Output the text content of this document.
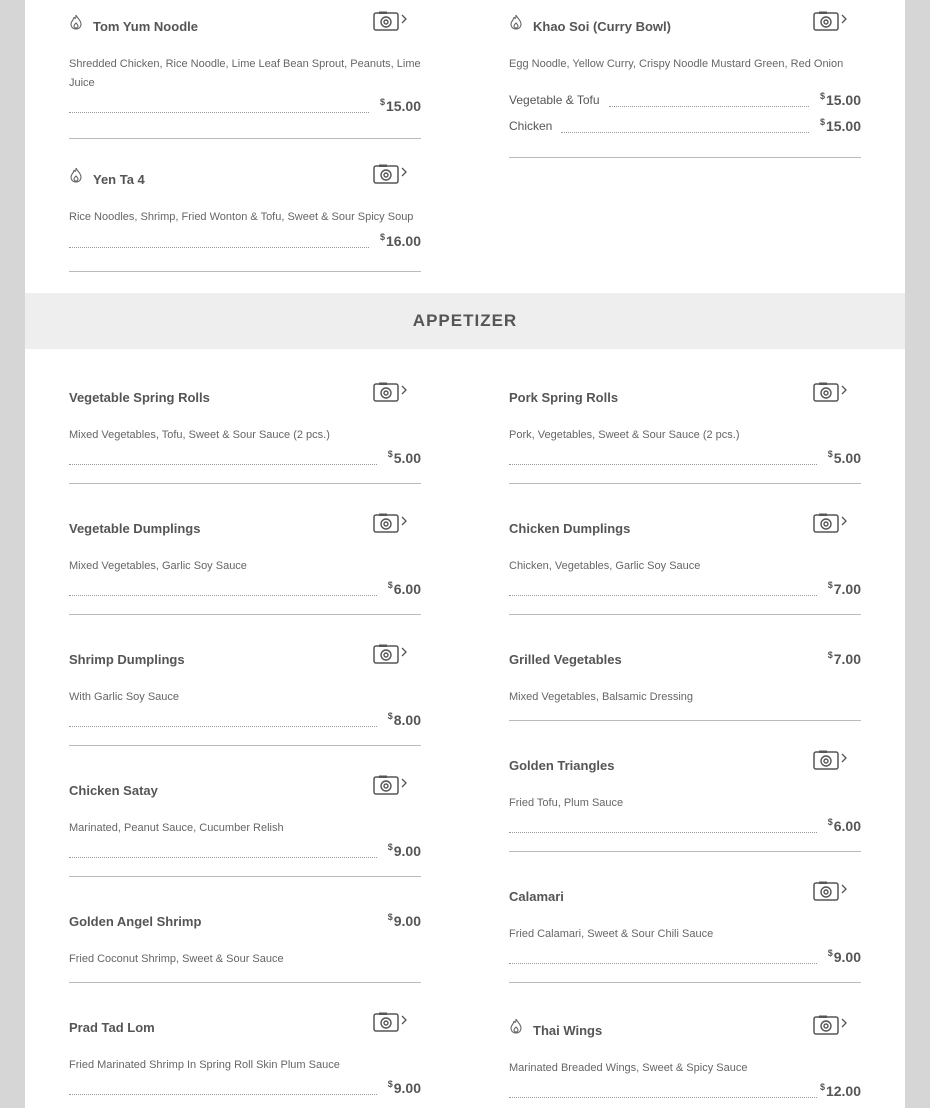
Tom Yum Noodle
Shredded Chicken, Rice Noodle, Lime Leaf Bean Sprout, Peanuts, Lime Juice
$15.00
Yen Ta 4
Rice Noodles, Shrimp, Fried Wonton & Tofu, Sweet & Sour Spicy Soup
$16.00
Khao Soi (Curry Bowl)
Egg Noodle, Yellow Curry, Crispy Noodle Mustard Green, Red Onion
Vegetable & Tofu	$15.00
Chicken	$15.00
APPETIZER
Vegetable Spring Rolls
Mixed Vegetables, Tofu, Sweet & Sour Sauce (2 pcs.)
$5.00
Vegetable Dumplings
Mixed Vegetables, Garlic Soy Sauce
$6.00
Shrimp Dumplings
With Garlic Soy Sauce
$8.00
Chicken Satay
Marinated, Peanut Sauce, Cucumber Relish
$9.00
Golden Angel Shrimp
Fried Coconut Shrimp, Sweet & Sour Sauce
$9.00
Prad Tad Lom
Fried Marinated Shrimp In Spring Roll Skin Plum Sauce
$9.00
Pork Spring Rolls
Pork, Vegetables, Sweet & Sour Sauce (2 pcs.)
$5.00
Chicken Dumplings
Chicken, Vegetables, Garlic Soy Sauce
$7.00
Grilled Vegetables
Mixed Vegetables, Balsamic Dressing
$7.00
Golden Triangles
Fried Tofu, Plum Sauce
$6.00
Calamari
Fried Calamari, Sweet & Sour Chili Sauce
$9.00
Thai Wings
Marinated Breaded Wings, Sweet & Spicy Sauce
$12.00
